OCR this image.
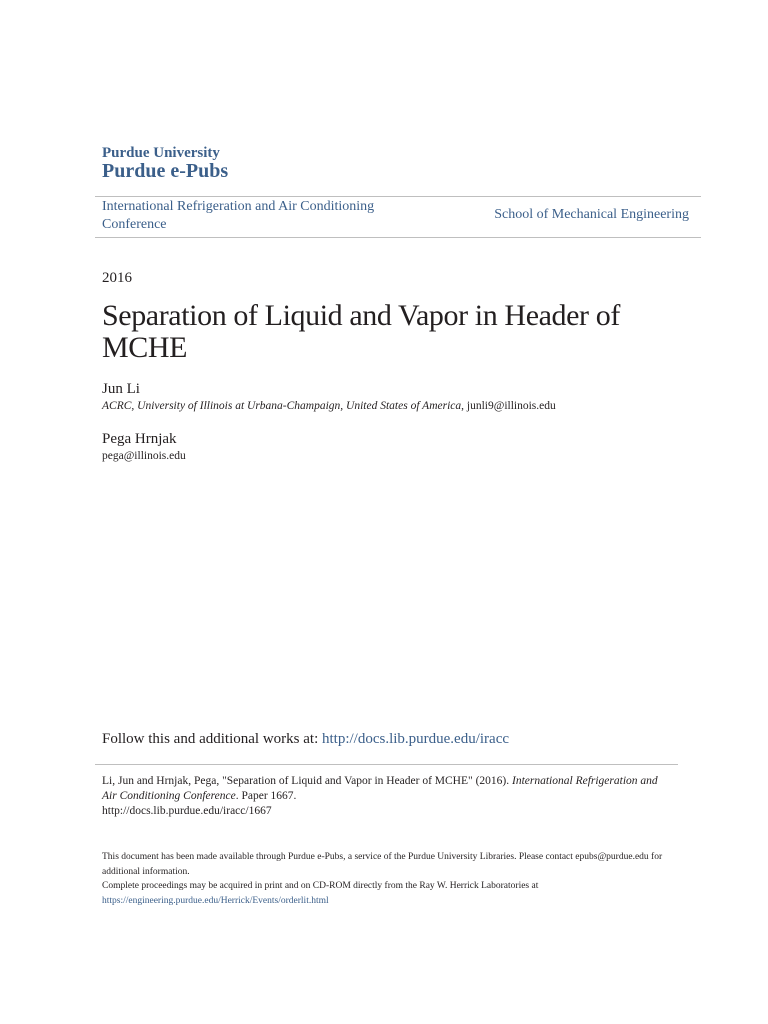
Purdue University
Purdue e-Pubs
International Refrigeration and Air Conditioning Conference
School of Mechanical Engineering
2016
Separation of Liquid and Vapor in Header of MCHE
Jun Li
ACRC, University of Illinois at Urbana-Champaign, United States of America, junli9@illinois.edu
Pega Hrnjak
pega@illinois.edu
Follow this and additional works at: http://docs.lib.purdue.edu/iracc
Li, Jun and Hrnjak, Pega, "Separation of Liquid and Vapor in Header of MCHE" (2016). International Refrigeration and Air Conditioning Conference. Paper 1667.
http://docs.lib.purdue.edu/iracc/1667
This document has been made available through Purdue e-Pubs, a service of the Purdue University Libraries. Please contact epubs@purdue.edu for additional information.
Complete proceedings may be acquired in print and on CD-ROM directly from the Ray W. Herrick Laboratories at https://engineering.purdue.edu/Herrick/Events/orderlit.html
